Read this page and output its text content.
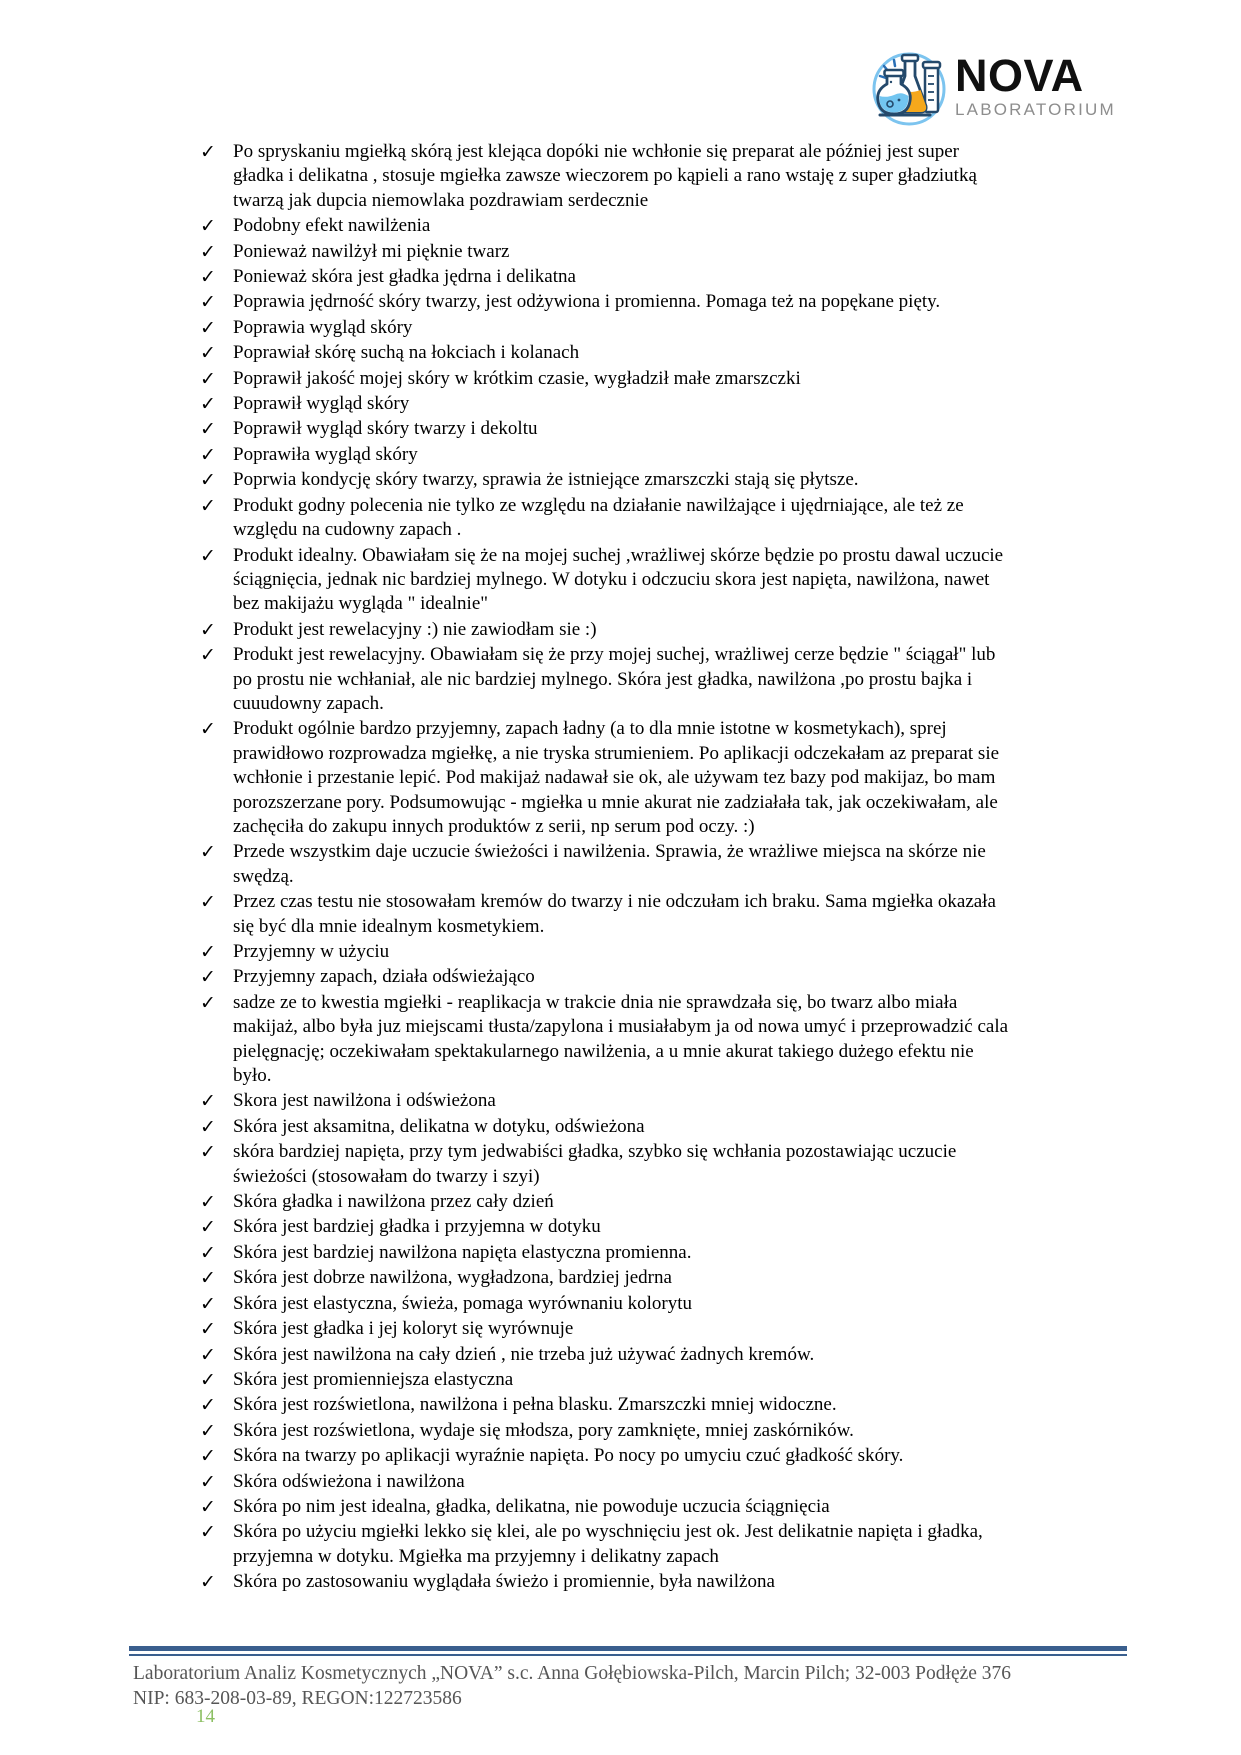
NOVA
LABORATORIUM
✓ Po spryskaniu mgiełką skórą jest klejąca dopóki nie wchłonie się preparat ale później jest super gładka i delikatna , stosuje mgiełka zawsze wieczorem po kąpieli a rano wstaję z super gładziutką twarzą jak dupcia niemowlaka pozdrawiam serdecznie
✓ Podobny efekt nawilżenia
✓ Ponieważ nawilżył mi pięknie twarz
✓ Ponieważ skóra jest gładka jędrna i delikatna
✓ Poprawia jędrność skóry twarzy, jest odżywiona i promienna. Pomaga też na popękane pięty.
✓ Poprawia wygląd skóry
✓ Poprawiał skórę suchą na łokciach i kolanach
✓ Poprawił jakość mojej skóry w krótkim czasie, wygładził małe zmarszczki
✓ Poprawił wygląd skóry
✓ Poprawił wygląd skóry twarzy i dekoltu
✓ Poprawiła wygląd skóry
✓ Poprwia kondycję skóry twarzy, sprawia że istniejące zmarszczki stają się płytsze.
✓ Produkt godny polecenia nie tylko ze względu na działanie nawilżające i ujędrniające, ale też ze względu na cudowny zapach .
✓ Produkt idealny. Obawiałam się że na mojej suchej ,wrażliwej skórze będzie po prostu dawal uczucie ściągnięcia, jednak nic bardziej mylnego. W dotyku i odczuciu skora jest napięta, nawilżona, nawet bez makijażu wygląda " idealnie"
✓ Produkt jest rewelacyjny :) nie zawiodłam sie :)
✓ Produkt jest rewelacyjny. Obawiałam się że przy mojej suchej, wrażliwej cerze będzie " ściągał" lub po prostu nie wchłaniał, ale nic bardziej mylnego. Skóra jest gładka, nawilżona ,po prostu bajka i cuuudowny zapach.
✓ Produkt ogólnie bardzo przyjemny, zapach ładny (a to dla mnie istotne w kosmetykach), sprej prawidłowo rozprowadza mgiełkę, a nie tryska strumieniem. Po aplikacji odczekałam az preparat sie wchłonie i przestanie lepić. Pod makijaż nadawał sie ok, ale używam tez bazy pod makijaz, bo mam porozszerzane pory. Podsumowując - mgiełka u mnie akurat nie zadziałała tak, jak oczekiwałam, ale zachęciła do zakupu innych produktów z serii, np serum pod oczy. :)
✓ Przede wszystkim daje uczucie świeżości i nawilżenia. Sprawia, że wrażliwe miejsca na skórze nie swędzą.
✓ Przez czas testu nie stosowałam kremów do twarzy i nie odczułam ich braku. Sama mgiełka okazała się być dla mnie idealnym kosmetykiem.
✓ Przyjemny w użyciu
✓ Przyjemny zapach, działa odświeżająco
✓ sadze ze to kwestia mgiełki - reaplikacja w trakcie dnia nie sprawdzała się, bo twarz albo miała makijaż, albo była juz miejscami tłusta/zapylona i musiałabym ja od nowa umyć i przeprowadzić cala pielęgnację; oczekiwałam spektakularnego nawilżenia, a u mnie akurat takiego dużego efektu nie było.
✓ Skora jest nawilżona i odświeżona
✓ Skóra jest aksamitna, delikatna w dotyku, odświeżona
✓ skóra bardziej napięta, przy tym jedwabiści gładka, szybko się wchłania pozostawiając uczucie świeżości (stosowałam do twarzy i szyi)
✓ Skóra gładka i nawilżona przez cały dzień
✓ Skóra jest bardziej gładka i przyjemna w dotyku
✓ Skóra jest bardziej nawilżona napięta elastyczna promienna.
✓ Skóra jest dobrze nawilżona, wygładzona, bardziej jedrna
✓ Skóra jest elastyczna, świeża, pomaga wyrównaniu kolorytu
✓ Skóra jest gładka i jej koloryt się wyrównuje
✓ Skóra jest nawilżona na cały dzień , nie trzeba już używać żadnych kremów.
✓ Skóra jest promienniejsza elastyczna
✓ Skóra jest rozświetlona, nawilżona i pełna blasku. Zmarszczki mniej widoczne.
✓ Skóra jest rozświetlona, wydaje się młodsza, pory zamknięte, mniej zaskórników.
✓ Skóra na twarzy po aplikacji wyraźnie napięta. Po nocy po umyciu czuć gładkość skóry.
✓ Skóra odświeżona i nawilżona
✓ Skóra po nim jest idealna, gładka, delikatna, nie powoduje uczucia ściągnięcia
✓ Skóra po użyciu mgiełki lekko się klei, ale po wyschnięciu jest ok. Jest delikatnie napięta i gładka, przyjemna w dotyku. Mgiełka ma przyjemny i delikatny zapach
✓ Skóra po zastosowaniu wyglądała świeżo i promiennie, była nawilżona
Laboratorium Analiz Kosmetycznych „NOVA” s.c. Anna Gołębiowska-Pilch, Marcin Pilch; 32-003 Podłęże 376
NIP: 683-208-03-89, REGON:122723586
14
